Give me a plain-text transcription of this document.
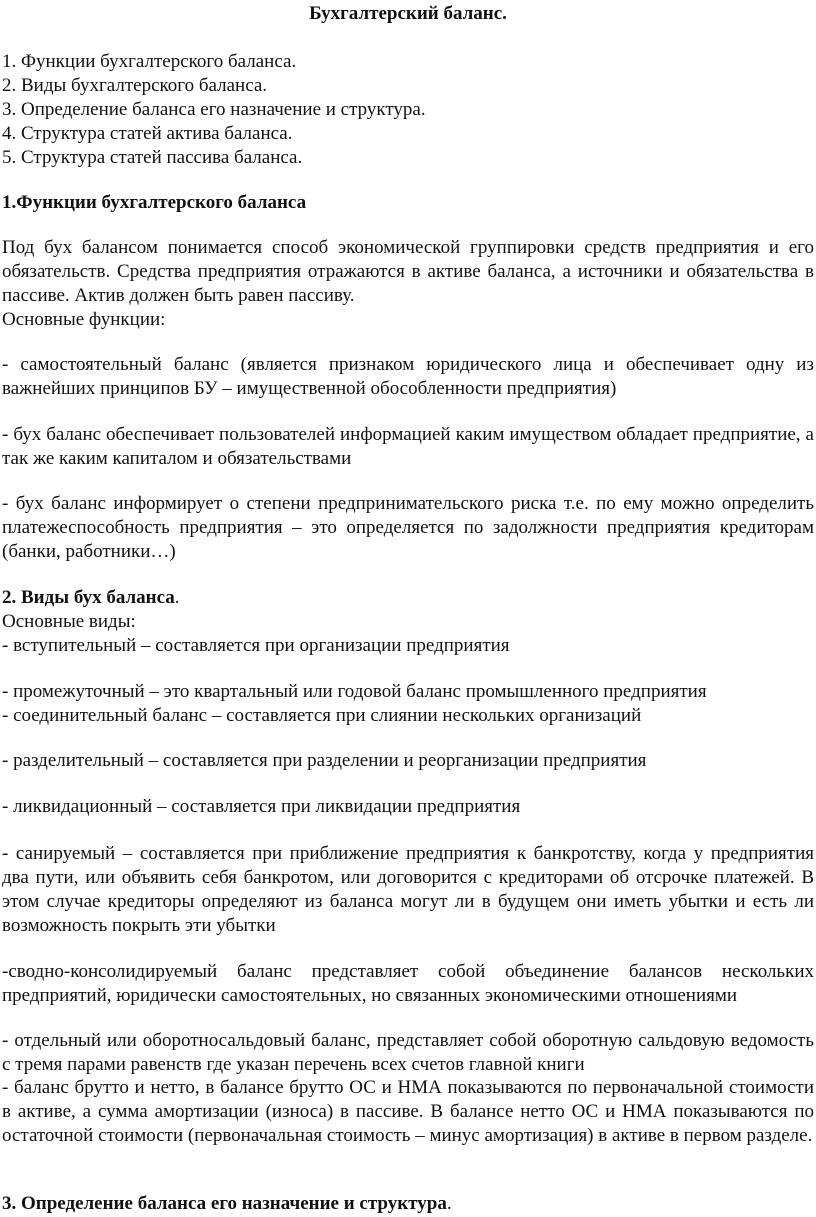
Бухгалтерский баланс.

1. Функции бухгалтерского баланса.

2. Виды бухгалтерского баланса.

3. Определение баланса его назначение и структура.

4. Структура статей актива баланса.

5. Структура статей пассива баланса.

1.Функции бухгалтерского баланса

Под бух балансом понимается способ экономической группировки средств предприятия и его обязательств. Средства предприятия отражаются в активе баланса, а источники и обязательства в пассиве. Актив должен быть равен пассиву.

Основные функции:

- самостоятельный баланс (является признаком юридического лица и обеспечивает одну из важнейших принципов БУ – имущественной обособленности предприятия)

- бух баланс обеспечивает пользователей информацией каким имуществом обладает предприятие, а так же каким капиталом и обязательствами

- бух баланс информирует о степени предпринимательского риска т.е. по ему можно определить платежеспособность предприятия – это определяется по задолжности предприятия кредиторам (банки, работники…)

2. Виды бух баланса.

Основные виды:

- вступительный – составляется при организации предприятия

- промежуточный – это квартальный или годовой баланс промышленного предприятия

- соединительный баланс – составляется при слиянии нескольких организаций

- разделительный – составляется при разделении и реорганизации предприятия

- ликвидационный – составляется при ликвидации предприятия

- санируемый – составляется при приближение предприятия к банкротству, когда у предприятия два пути, или объявить себя банкротом, или договорится с кредиторами об отсрочке платежей. В этом случае кредиторы определяют из баланса могут ли в будущем они иметь убытки и есть ли возможность покрыть эти убытки

-сводно-консолидируемый баланс представляет собой объединение балансов нескольких предприятий, юридически самостоятельных, но связанных экономическими отношениями

- отдельный или оборотносальдовый баланс, представляет собой оборотную сальдовую ведомость с тремя парами равенств где указан перечень всех счетов главной книги

- баланс брутто и нетто, в балансе брутто ОС и НМА показываются по первоначальной стоимости в активе, а сумма амортизации (износа) в пассиве. В балансе нетто ОС и НМА показываются по остаточной стоимости (первоначальная стоимость – минус амортизация) в активе в первом разделе.

3. Определение баланса его назначение и структура.
